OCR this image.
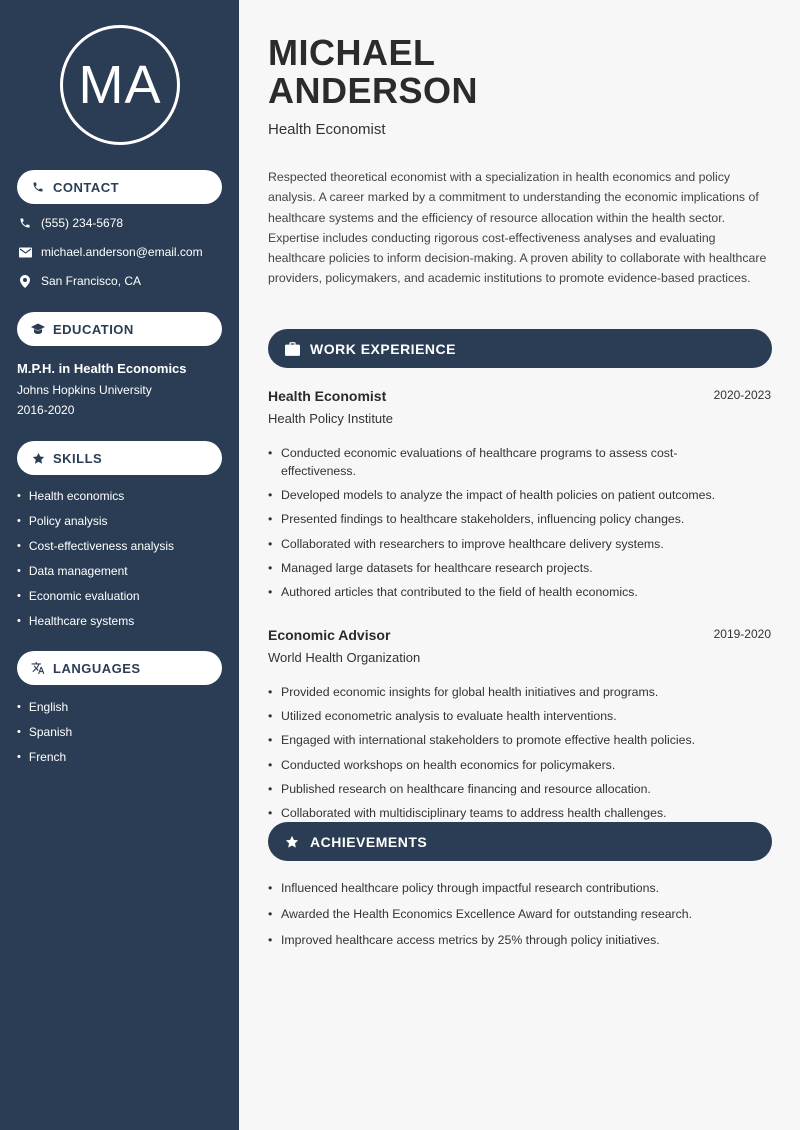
MA
CONTACT
(555) 234-5678
michael.anderson@email.com
San Francisco, CA
EDUCATION
M.P.H. in Health Economics
Johns Hopkins University
2016-2020
SKILLS
• Health economics
• Policy analysis
• Cost-effectiveness analysis
• Data management
• Economic evaluation
• Healthcare systems
LANGUAGES
• English
• Spanish
• French
MICHAEL
ANDERSON
Health Economist
Respected theoretical economist with a specialization in health economics and policy analysis. A career marked by a commitment to understanding the economic implications of healthcare systems and the efficiency of resource allocation within the health sector. Expertise includes conducting rigorous cost-effectiveness analyses and evaluating healthcare policies to inform decision-making. A proven ability to collaborate with healthcare providers, policymakers, and academic institutions to promote evidence-based practices.
WORK EXPERIENCE
Health Economist	2020-2023
Health Policy Institute
• Conducted economic evaluations of healthcare programs to assess cost-effectiveness.
• Developed models to analyze the impact of health policies on patient outcomes.
• Presented findings to healthcare stakeholders, influencing policy changes.
• Collaborated with researchers to improve healthcare delivery systems.
• Managed large datasets for healthcare research projects.
• Authored articles that contributed to the field of health economics.
Economic Advisor	2019-2020
World Health Organization
• Provided economic insights for global health initiatives and programs.
• Utilized econometric analysis to evaluate health interventions.
• Engaged with international stakeholders to promote effective health policies.
• Conducted workshops on health economics for policymakers.
• Published research on healthcare financing and resource allocation.
• Collaborated with multidisciplinary teams to address health challenges.
ACHIEVEMENTS
• Influenced healthcare policy through impactful research contributions.
• Awarded the Health Economics Excellence Award for outstanding research.
• Improved healthcare access metrics by 25% through policy initiatives.
